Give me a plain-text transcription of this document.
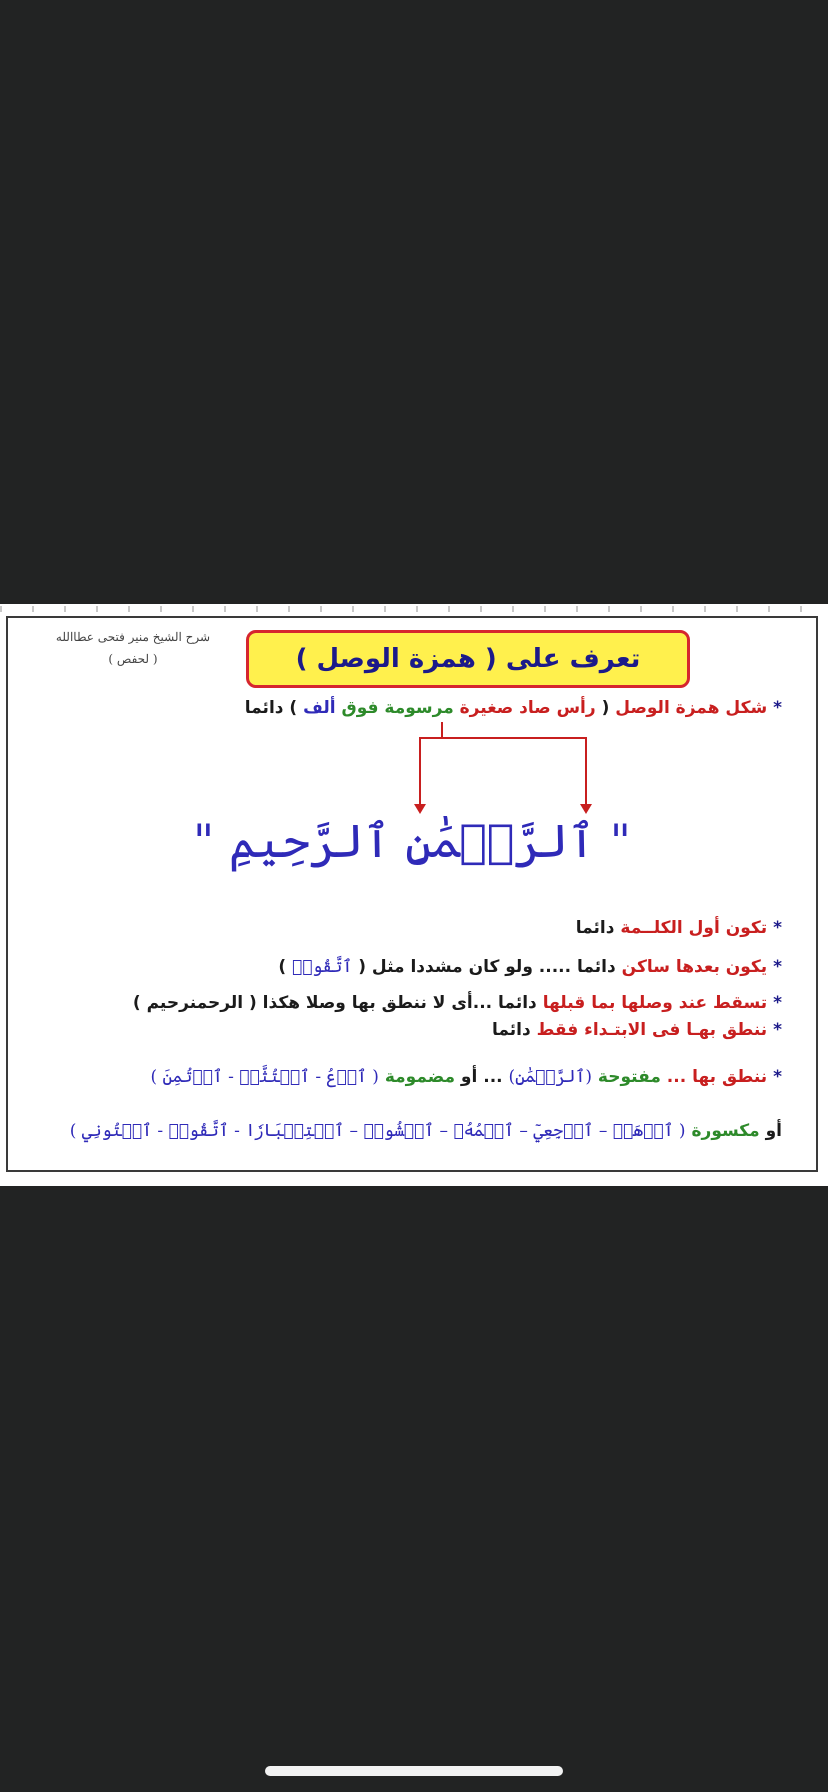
شرح الشيخ منير فتحى عطاالله
( لحفص )	تعرف على ( همزة الوصل )
* شكل همزة الوصل ( رأس صاد صغيرة مرسومة فوق ألف ) دائما
" ٱلرَّحۡمَٰنِ ٱلرَّحِيمِ "
* تكون أول الكلــمة دائما
* يكون بعدها ساكن دائما ..... ولو كان مشددا مثل ( ٱتَّقُوا۟ )
* تسقط عند وصلها بما قبلها دائما ...أى لا ننطق بها وصلا هكذا ( الرحمنرحيم )
* ننطق بهـا فى الابتـداء فقط دائما
* ننطق بها ... مفتوحة (ٱلرَّحۡمَٰنِ) ... أو مضمومة ( ٱدۡعُ - ٱجۡتُثَّتۡ - ٱؤۡتُمِنَ )
أو مكسورة ( ٱذۡهَبۡ – ٱرۡجِعِيٓ – ٱسۡمُهُۥ – ٱمۡشُوا۟ – ٱسۡتِكۡبَارٗا - ٱتَّقُوا۟ - ٱئۡتُونِي )
